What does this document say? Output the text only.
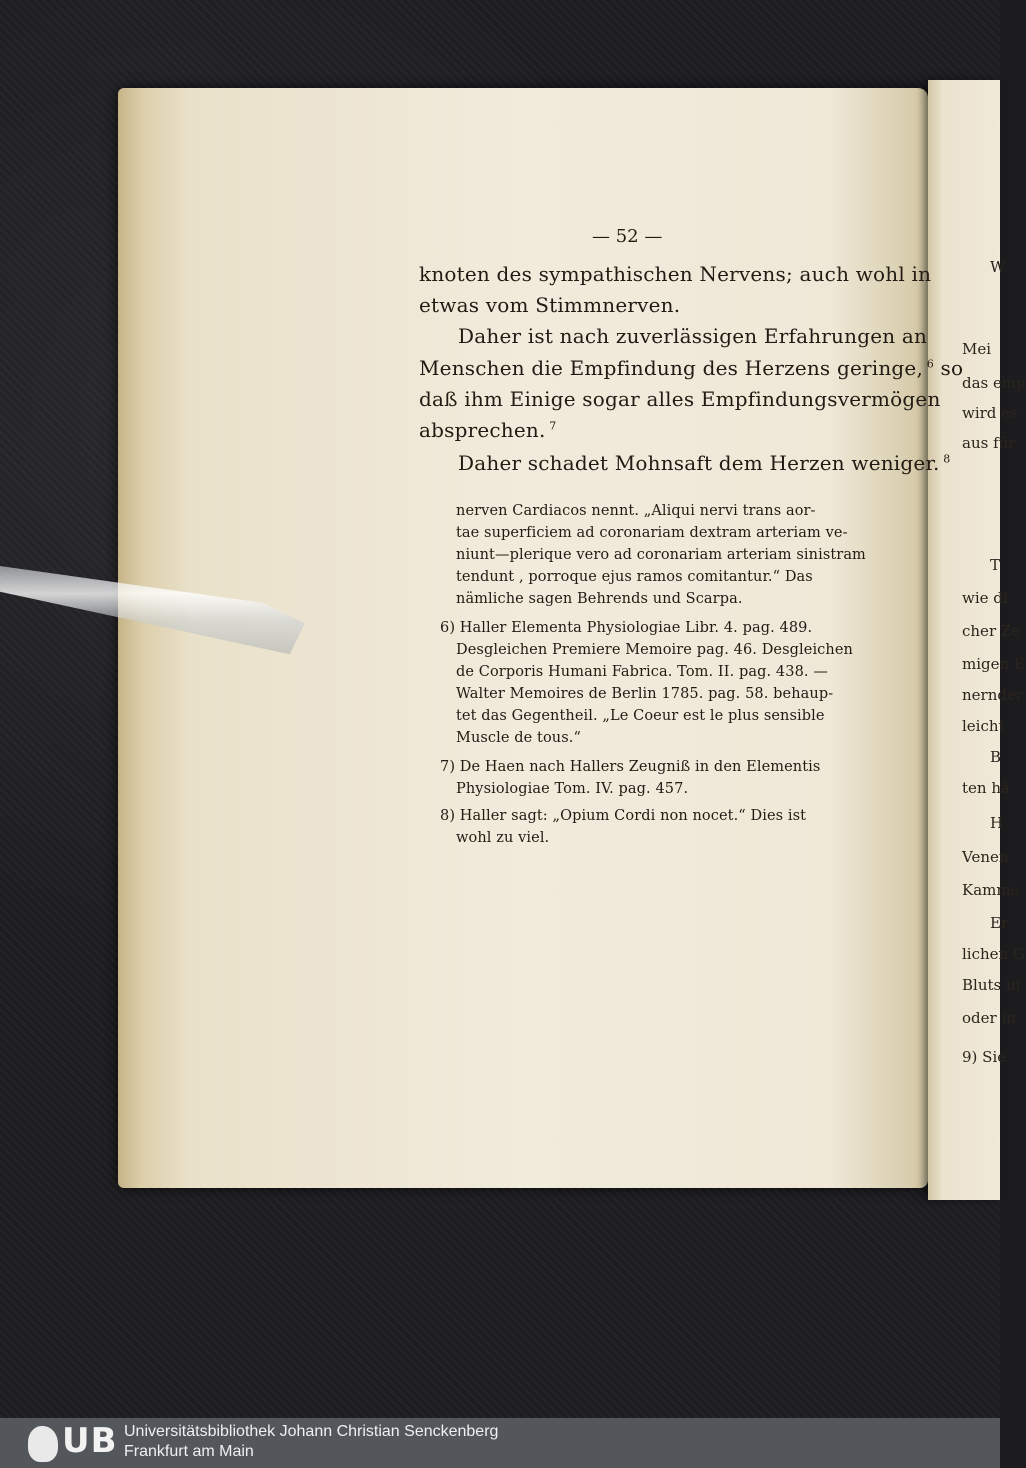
W
Mei
das emp
wird es
aus für
T
wie di
cher Ze
migen E
nernder
leicht
B
ten hä
H
Venen
Kamme
Er
lichen G
Bluts in
oder in
9) Sie
— 52 —
knoten des sympathischen Nervens; auch wohl in
etwas vom Stimmnerven.
Daher ist nach zuverlässigen Erfahrungen an
Menschen die Empfindung des Herzens geringe, $^6$ so
daß ihm Einige sogar alles Empfindungsvermögen
absprechen. $^7$
Daher schadet Mohnsaft dem Herzen weniger. $^8$
nerven Cardiacos nennt. „Aliqui nervi trans aor-
tae superficiem ad coronariam dextram arteriam ve-
niunt—plerique vero ad coronariam arteriam sinistram
tendunt , porroque ejus ramos comitantur.“ Das
nämliche sagen Behrends und Scarpa.
6) Haller Elementa Physiologiae Libr. 4. pag. 489.
Desgleichen Premiere Memoire pag. 46. Desgleichen
de Corporis Humani Fabrica. Tom. II. pag. 438. —
Walter Memoires de Berlin 1785. pag. 58. behaup-
tet das Gegentheil. „Le Coeur est le plus sensible
Muscle de tous.“
7) De Haen nach Hallers Zeugniß in den Elementis
Physiologiae Tom. IV. pag. 457.
8) Haller sagt: „Opium Cordi non nocet.“ Dies ist
wohl zu viel.
UB Universitätsbibliothek Johann Christian Senckenberg
Frankfurt am Main
